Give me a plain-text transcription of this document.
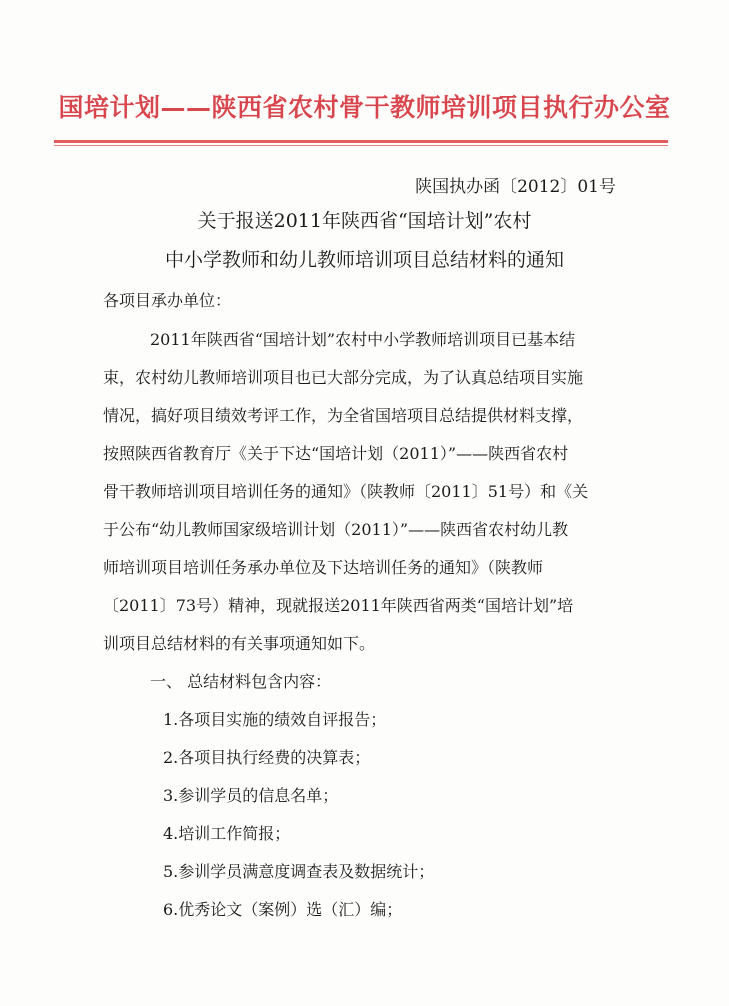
国培计划——陕西省农村骨干教师培训项目执行办公室
陕国执办函〔2012〕01号
关于报送2011年陕西省“国培计划”农村
中小学教师和幼儿教师培训项目总结材料的通知
各项目承办单位：
2011年陕西省“国培计划”农村中小学教师培训项目已基本结
束，农村幼儿教师培训项目也已大部分完成，为了认真总结项目实施
情况，搞好项目绩效考评工作，为全省国培项目总结提供材料支撑，
按照陕西省教育厅《关于下达“国培计划（2011）”——陕西省农村
骨干教师培训项目培训任务的通知》（陕教师〔2011〕51号）和《关
于公布“幼儿教师国家级培训计划（2011）”——陕西省农村幼儿教
师培训项目培训任务承办单位及下达培训任务的通知》（陕教师
〔2011〕73号）精神，现就报送2011年陕西省两类“国培计划”培
训项目总结材料的有关事项通知如下。
一、 总结材料包含内容：
1.各项目实施的绩效自评报告；
2.各项目执行经费的决算表；
3.参训学员的信息名单；
4.培训工作简报；
5.参训学员满意度调查表及数据统计；
6.优秀论文（案例）选（汇）编；
